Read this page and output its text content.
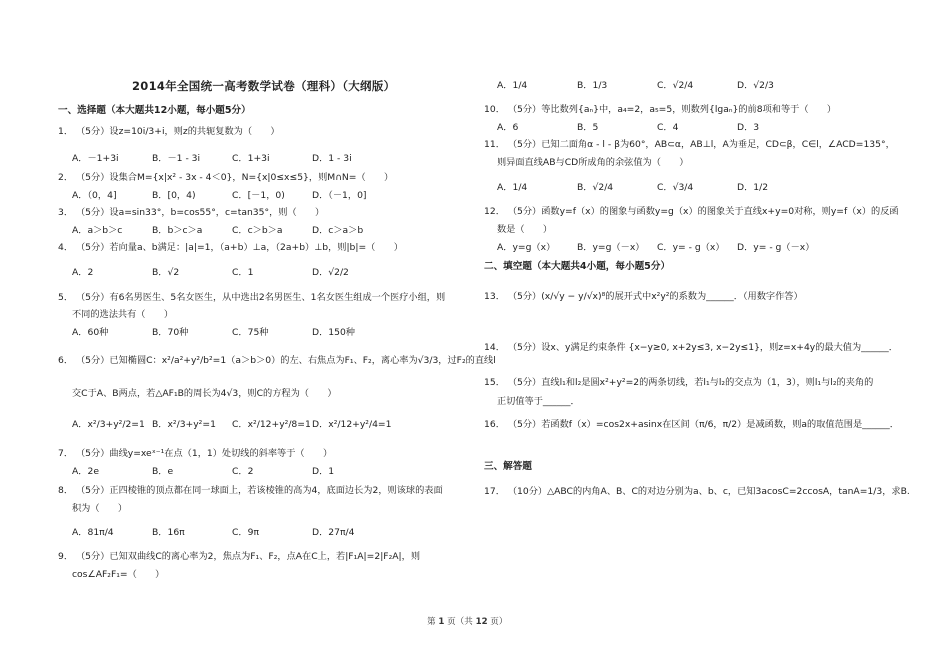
2014年全国统一高考数学试卷（理科）（大纲版）
一、选择题（本大题共12小题，每小题5分）
1． （5分）设z=10i/3+i，则z的共轭复数为（　　）
A．－1+3i	B．－1 - 3i	C．1+3i	D．1 - 3i
2． （5分）设集合M={x|x² - 3x - 4＜0}，N={x|0≤x≤5}，则M∩N=（　　）
A．（0，4]	B．[0，4)	C．[－1，0)	D．（－1，0]
3． （5分）设a=sin33°，b=cos55°，c=tan35°，则（　　）
A．a＞b＞c	B．b＞c＞a	C．c＞b＞a	D．c＞a＞b
4． （5分）若向量a、b满足：|a|=1，（a+b）⊥a，（2a+b）⊥b，则|b|=（　　）
A．2	B．√2	C．1	D．√2/2
5． （5分）有6名男医生、5名女医生，从中选出2名男医生、1名女医生组成一个医疗小组，则
不同的选法共有（　　）
A．60种	B．70种	C．75种	D．150种
6． （5分）已知椭圆C：x²/a²+y²/b²=1（a＞b＞0）的左、右焦点为F₁、F₂，离心率为√3/3，过F₂的直线l
交C于A、B两点，若△AF₁B的周长为4√3，则C的方程为（　　）
A．x²/3+y²/2=1 B．x²/3+y²=1 C．x²/12+y²/8=1 D．x²/12+y²/4=1
7． （5分）曲线y=xeˣ⁻¹在点（1，1）处切线的斜率等于（　　）
A．2e	B．e	C．2	D．1
8． （5分）正四棱锥的顶点都在同一球面上，若该棱锥的高为4，底面边长为2，则该球的表面
积为（　　）
A．81π/4	B．16π	C．9π	D．27π/4
9． （5分）已知双曲线C的离心率为2，焦点为F₁、F₂，点A在C上，若|F₁A|=2|F₂A|，则
cos∠AF₂F₁=（　　）
A．1/4	B．1/3	C．√2/4	D．√2/3
10． （5分）等比数列{aₙ}中，a₄=2，a₅=5，则数列{lgaₙ}的前8项和等于（　　）
A．6	B．5	C．4	D．3
11． （5分）已知二面角α - l - β为60°，AB⊂α，AB⊥l，A为垂足，CD⊂β，C∈l，∠ACD=135°，
则异面直线AB与CD所成角的余弦值为（　　）
A．1/4	B．√2/4	C．√3/4	D．1/2
12． （5分）函数y=f（x）的图象与函数y=g（x）的图象关于直线x+y=0对称，则y=f（x）的反函
数是（　　）
A．y=g（x） B．y=g（－x） C．y= - g（x） D．y= - g（－x）
二、填空题（本大题共4小题，每小题5分）
13． （5分）(x/√y − y/√x)⁸的展开式中x²y²的系数为______．（用数字作答）
14． （5分）设x、y满足约束条件 {x−y≥0, x+2y≤3, x−2y≤1}，则z=x+4y的最大值为______．
15． （5分）直线l₁和l₂是圆x²+y²=2的两条切线，若l₁与l₂的交点为（1，3），则l₁与l₂的夹角的
正切值等于______．
16． （5分）若函数f（x）=cos2x+asinx在区间（π/6，π/2）是减函数，则a的取值范围是______．
三、解答题
17． （10分）△ABC的内角A、B、C的对边分别为a、b、c，已知3acosC=2ccosA，tanA=1/3，求B.
第 1 页（共 12 页）
